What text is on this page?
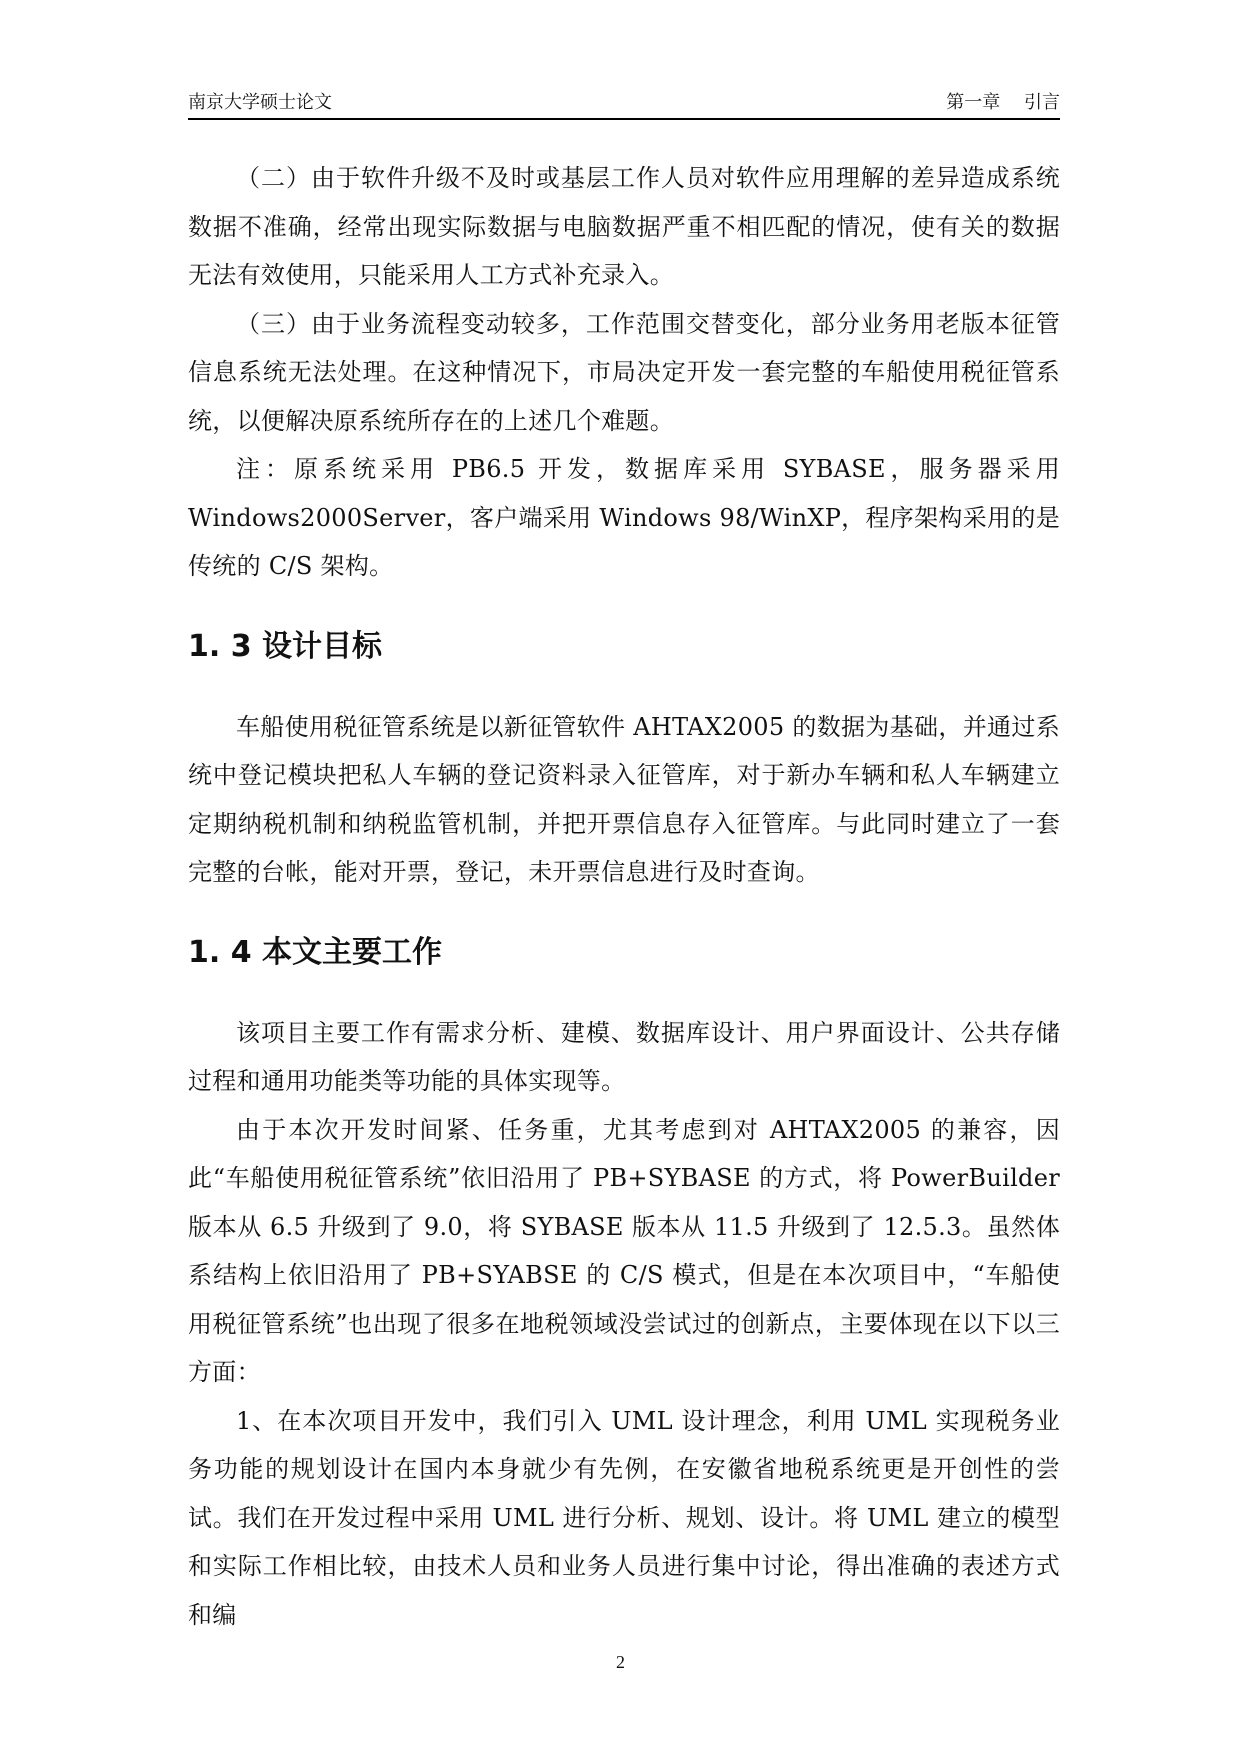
南京大学硕士论文	第一章 引言

（二）由于软件升级不及时或基层工作人员对软件应用理解的差异造成系统数据不准确，经常出现实际数据与电脑数据严重不相匹配的情况，使有关的数据无法有效使用，只能采用人工方式补充录入。

（三）由于业务流程变动较多，工作范围交替变化，部分业务用老版本征管信息系统无法处理。在这种情况下，市局决定开发一套完整的车船使用税征管系统，以便解决原系统所存在的上述几个难题。

注：原系统采用 PB6.5 开发，数据库采用 SYBASE，服务器采用 Windows2000Server，客户端采用 Windows 98/WinXP，程序架构采用的是传统的 C/S 架构。

1. 3 设计目标

车船使用税征管系统是以新征管软件 AHTAX2005 的数据为基础，并通过系统中登记模块把私人车辆的登记资料录入征管库，对于新办车辆和私人车辆建立定期纳税机制和纳税监管机制，并把开票信息存入征管库。与此同时建立了一套完整的台帐，能对开票，登记，未开票信息进行及时查询。

1. 4 本文主要工作

该项目主要工作有需求分析、建模、数据库设计、用户界面设计、公共存储过程和通用功能类等功能的具体实现等。

由于本次开发时间紧、任务重，尤其考虑到对 AHTAX2005 的兼容，因此“车船使用税征管系统”依旧沿用了 PB+SYBASE 的方式，将 PowerBuilder 版本从 6.5 升级到了 9.0，将 SYBASE 版本从 11.5 升级到了 12.5.3。虽然体系结构上依旧沿用了 PB+SYABSE 的 C/S 模式，但是在本次项目中，“车船使用税征管系统”也出现了很多在地税领域没尝试过的创新点，主要体现在以下以三方面：

1、在本次项目开发中，我们引入 UML 设计理念，利用 UML 实现税务业务功能的规划设计在国内本身就少有先例，在安徽省地税系统更是开创性的尝试。我们在开发过程中采用 UML 进行分析、规划、设计。将 UML 建立的模型和实际工作相比较，由技术人员和业务人员进行集中讨论，得出准确的表述方式和编

2
